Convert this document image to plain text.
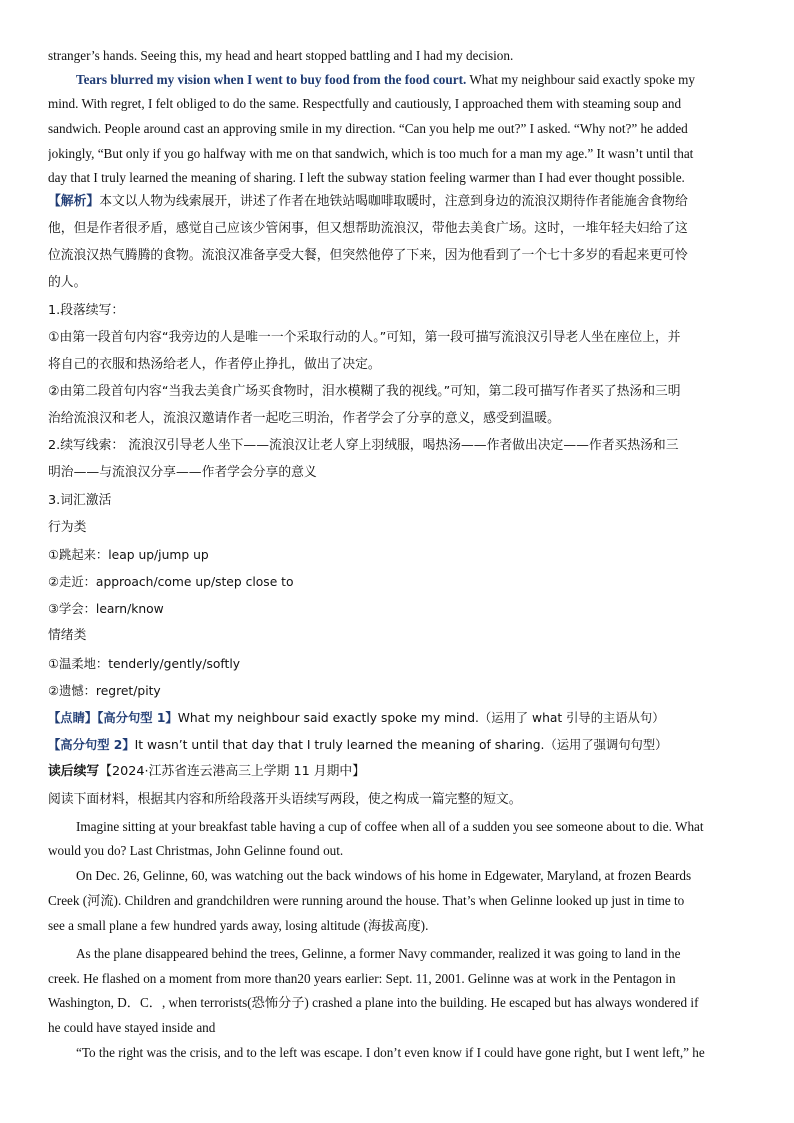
stranger’s hands. Seeing this, my head and heart stopped battling and I had my decision.
Tears blurred my vision when I went to buy food from the food court. What my neighbour said exactly spoke my
mind. With regret, I felt obliged to do the same. Respectfully and cautiously, I approached them with steaming soup and
sandwich. People around cast an approving smile in my direction. “Can you help me out?” I asked. “Why not?” he added
jokingly, “But only if you go halfway with me on that sandwich, which is too much for a man my age.” It wasn’t until that
day that I truly learned the meaning of sharing. I left the subway station feeling warmer than I had ever thought possible.
【解析】本文以人物为线索展开，讲述了作者在地铁站喝咖啡取暖时，注意到身边的流浪汉期待作者能施舍食物给
他，但是作者很矛盾，感觉自己应该少管闲事，但又想帮助流浪汉，带他去美食广场。这时，一堆年轻夫妇给了这
位流浪汉热气腾腾的食物。流浪汉准备享受大餐，但突然他停了下来，因为他看到了一个七十多岁的看起来更可怜
的人。
1.段落续写：
①由第一段首句内容“我旁边的人是唯一一个采取行动的人。”可知，第一段可描写流浪汉引导老人坐在座位上，并
将自己的衣服和热汤给老人，作者停止挣扎，做出了决定。
②由第二段首句内容“当我去美食广场买食物时，泪水模糊了我的视线。”可知，第二段可描写作者买了热汤和三明
治给流浪汉和老人，流浪汉邀请作者一起吃三明治，作者学会了分享的意义，感受到温暖。
2.续写线索： 流浪汉引导老人坐下——流浪汉让老人穿上羽绒服，喝热汤——作者做出决定——作者买热汤和三
明治——与流浪汉分享——作者学会分享的意义
3.词汇激活
行为类
①跳起来：leap up/jump up
②走近：approach/come up/step close to
③学会：learn/know
情绪类
①温柔地：tenderly/gently/softly
②遗憾：regret/pity
【点睛】【高分句型 1】What my neighbour said exactly spoke my mind.（运用了 what 引导的主语从句）
【高分句型 2】It wasn’t until that day that I truly learned the meaning of sharing.（运用了强调句句型）
读后续写【2024·江苏省连云港高三上学期 11 月期中】
阅读下面材料，根据其内容和所给段落开头语续写两段，使之构成一篇完整的短文。
Imagine sitting at your breakfast table having a cup of coffee when all of a sudden you see someone about to die. What
would you do? Last Christmas, John Gelinne found out.
On Dec. 26, Gelinne, 60, was watching out the back windows of his home in Edgewater, Maryland, at frozen Beards
Creek (河流). Children and grandchildren were running around the house. That’s when Gelinne looked up just in time to
see a small plane a few hundred yards away, losing altitude (海拔高度).
As the plane disappeared behind the trees, Gelinne, a former Navy commander, realized it was going to land in the
creek. He flashed on a moment from more than20 years earlier: Sept. 11, 2001. Gelinne was at work in the Pentagon in
Washington, D．C．, when terrorists(恐怖分子) crashed a plane into the building. He escaped but has always wondered if
he could have stayed inside and
“To the right was the crisis, and to the left was escape. I don’t even know if I could have gone right, but I went left,” he
